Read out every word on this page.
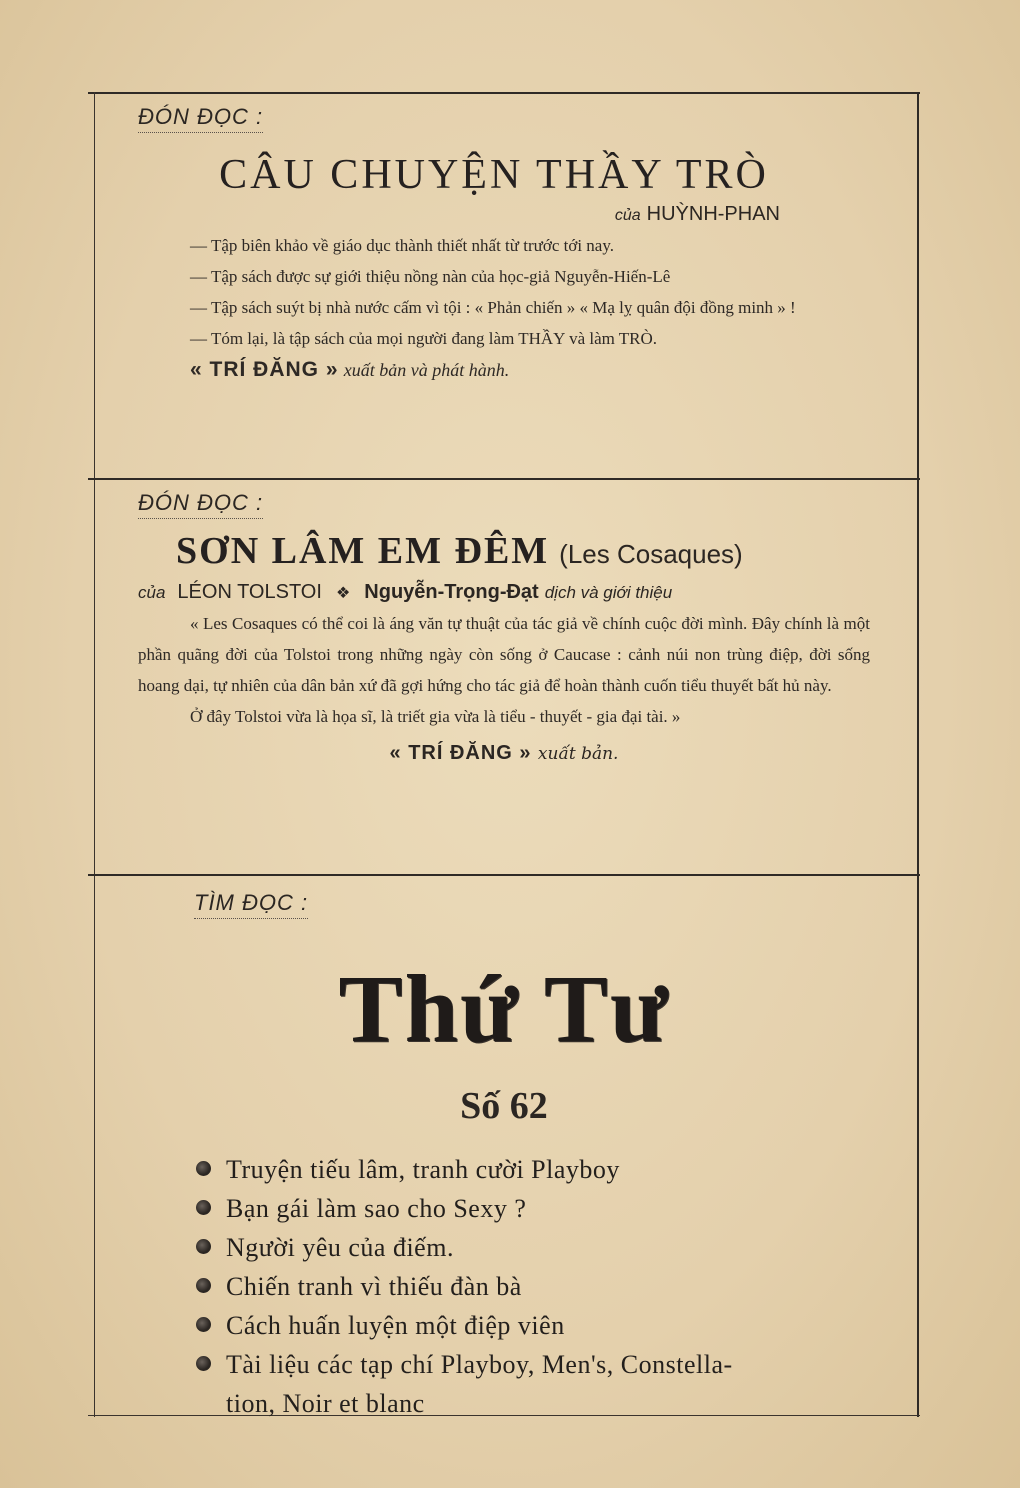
ĐÓN ĐỌC :
CÂU CHUYỆN THẦY TRÒ
của HUỲNH-PHAN

— Tập biên khảo về giáo dục thành thiết nhất từ trước tới nay.

— Tập sách được sự giới thiệu nồng nàn của học-giả Nguyễn-Hiến-Lê

— Tập sách suýt bị nhà nước cấm vì tội : « Phản chiến » « Mạ lỵ quân đội đồng minh » !

— Tóm lại, là tập sách của mọi người đang làm THẦY và làm TRÒ.

« TRÍ ĐĂNG » xuất bản và phát hành.

ĐÓN ĐỌC :
SƠN LÂM EM ĐÊM (Les Cosaques)
của LÉON TOLSTOI ❖ Nguyễn-Trọng-Đạt dịch và giới thiệu

« Les Cosaques có thể coi là áng văn tự thuật của tác giả về chính cuộc đời mình. Đây chính là một phần quãng đời của Tolstoi trong những ngày còn sống ở Caucase : cảnh núi non trùng điệp, đời sống hoang dại, tự nhiên của dân bản xứ đã gợi hứng cho tác giả để hoàn thành cuốn tiểu thuyết bất hủ này.

Ở đây Tolstoi vừa là họa sĩ, là triết gia vừa là tiểu - thuyết - gia đại tài. »

« TRÍ ĐĂNG » xuất bản.
TÌM ĐỌC :
Thứ Tư
Số 62
Truyện tiếu lâm, tranh cười Playboy
Bạn gái làm sao cho Sexy ?
Người yêu của điếm.
Chiến tranh vì thiếu đàn bà
Cách huấn luyện một điệp viên
Tài liệu các tạp chí Playboy, Men's, Constella-
tion, Noir et blanc
